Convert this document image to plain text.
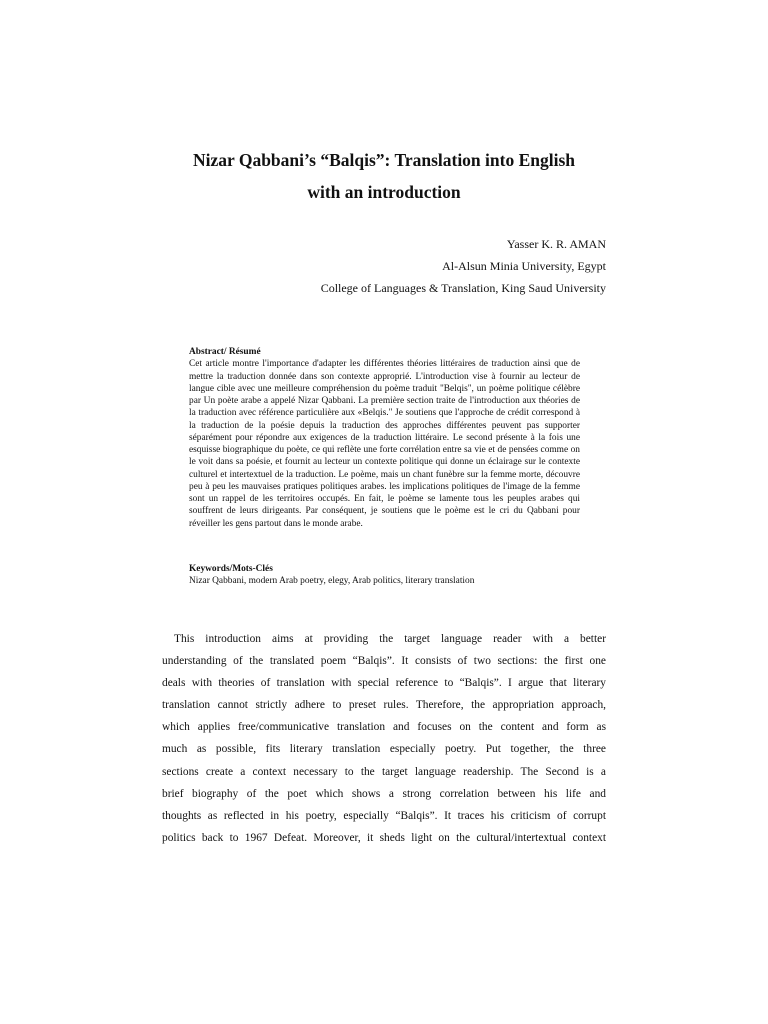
Nizar Qabbani’s “Balqis”: Translation into English
with an introduction
Yasser K. R. AMAN
Al-Alsun Minia University, Egypt
College of Languages & Translation, King Saud University
Abstract/ Résumé
Cet article montre l'importance d'adapter les différentes théories littéraires de traduction ainsi que de mettre la traduction donnée dans son contexte approprié. L'introduction vise à fournir au lecteur de langue cible avec une meilleure compréhension du poème traduit "Belqis", un poème politique célèbre par Un poète arabe a appelé Nizar Qabbani. La première section traite de l'introduction aux théories de la traduction avec référence particulière aux «Belqis." Je soutiens que l'approche de crédit correspond à la traduction de la poésie depuis la traduction des approches différentes peuvent pas supporter séparément pour répondre aux exigences de la traduction littéraire. Le second présente à la fois une esquisse biographique du poète, ce qui reflète une forte corrélation entre sa vie et de pensées comme on le voit dans sa poésie, et fournit au lecteur un contexte politique qui donne un éclairage sur le contexte culturel et intertextuel de la traduction. Le poème, mais un chant funèbre sur la femme morte, découvre peu à peu les mauvaises pratiques politiques arabes. les implications politiques de l'image de la femme sont un rappel de les territoires occupés. En fait, le poème se lamente tous les peuples arabes qui souffrent de leurs dirigeants. Par conséquent, je soutiens que le poème est le cri du Qabbani pour réveiller les gens partout dans le monde arabe.
Keywords/Mots-Clés
Nizar Qabbani, modern Arab poetry, elegy, Arab politics, literary translation
This introduction aims at providing the target language reader with a better
understanding of the translated poem “Balqis”. It consists of two sections: the first one
deals with theories of translation with special reference to “Balqis”. I argue that literary
translation cannot strictly adhere to preset rules. Therefore, the appropriation approach,
which applies free/communicative translation and focuses on the content and form as
much as possible, fits literary translation especially poetry. Put together, the three
sections create a context necessary to the target language readership. The Second is a
brief biography of the poet which shows a strong correlation between his life and
thoughts as reflected in his poetry, especially “Balqis”. It traces his criticism of corrupt
politics back to 1967 Defeat. Moreover, it sheds light on the cultural/intertextual context
